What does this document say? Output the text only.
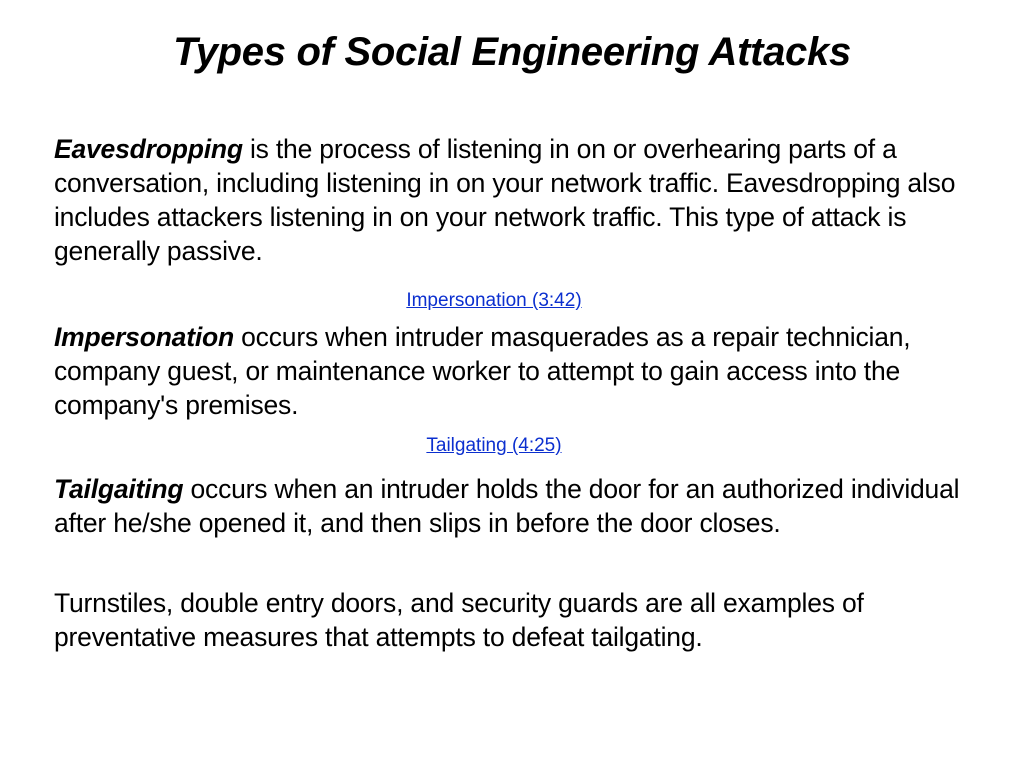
Types of Social Engineering Attacks

Eavesdropping is the process of listening in on or overhearing parts of a conversation, including listening in on your network traffic. Eavesdropping also includes attackers listening in on your network traffic. This type of attack is generally passive.

Impersonation (3:42)

Impersonation occurs when intruder masquerades as a repair technician, company guest, or maintenance worker to attempt to gain access into the company's premises.

Tailgating (4:25)

Tailgaiting occurs when an intruder holds the door for an authorized individual after he/she opened it, and then slips in before the door closes.

Turnstiles, double entry doors, and security guards are all examples of preventative measures that attempts to defeat tailgating.
